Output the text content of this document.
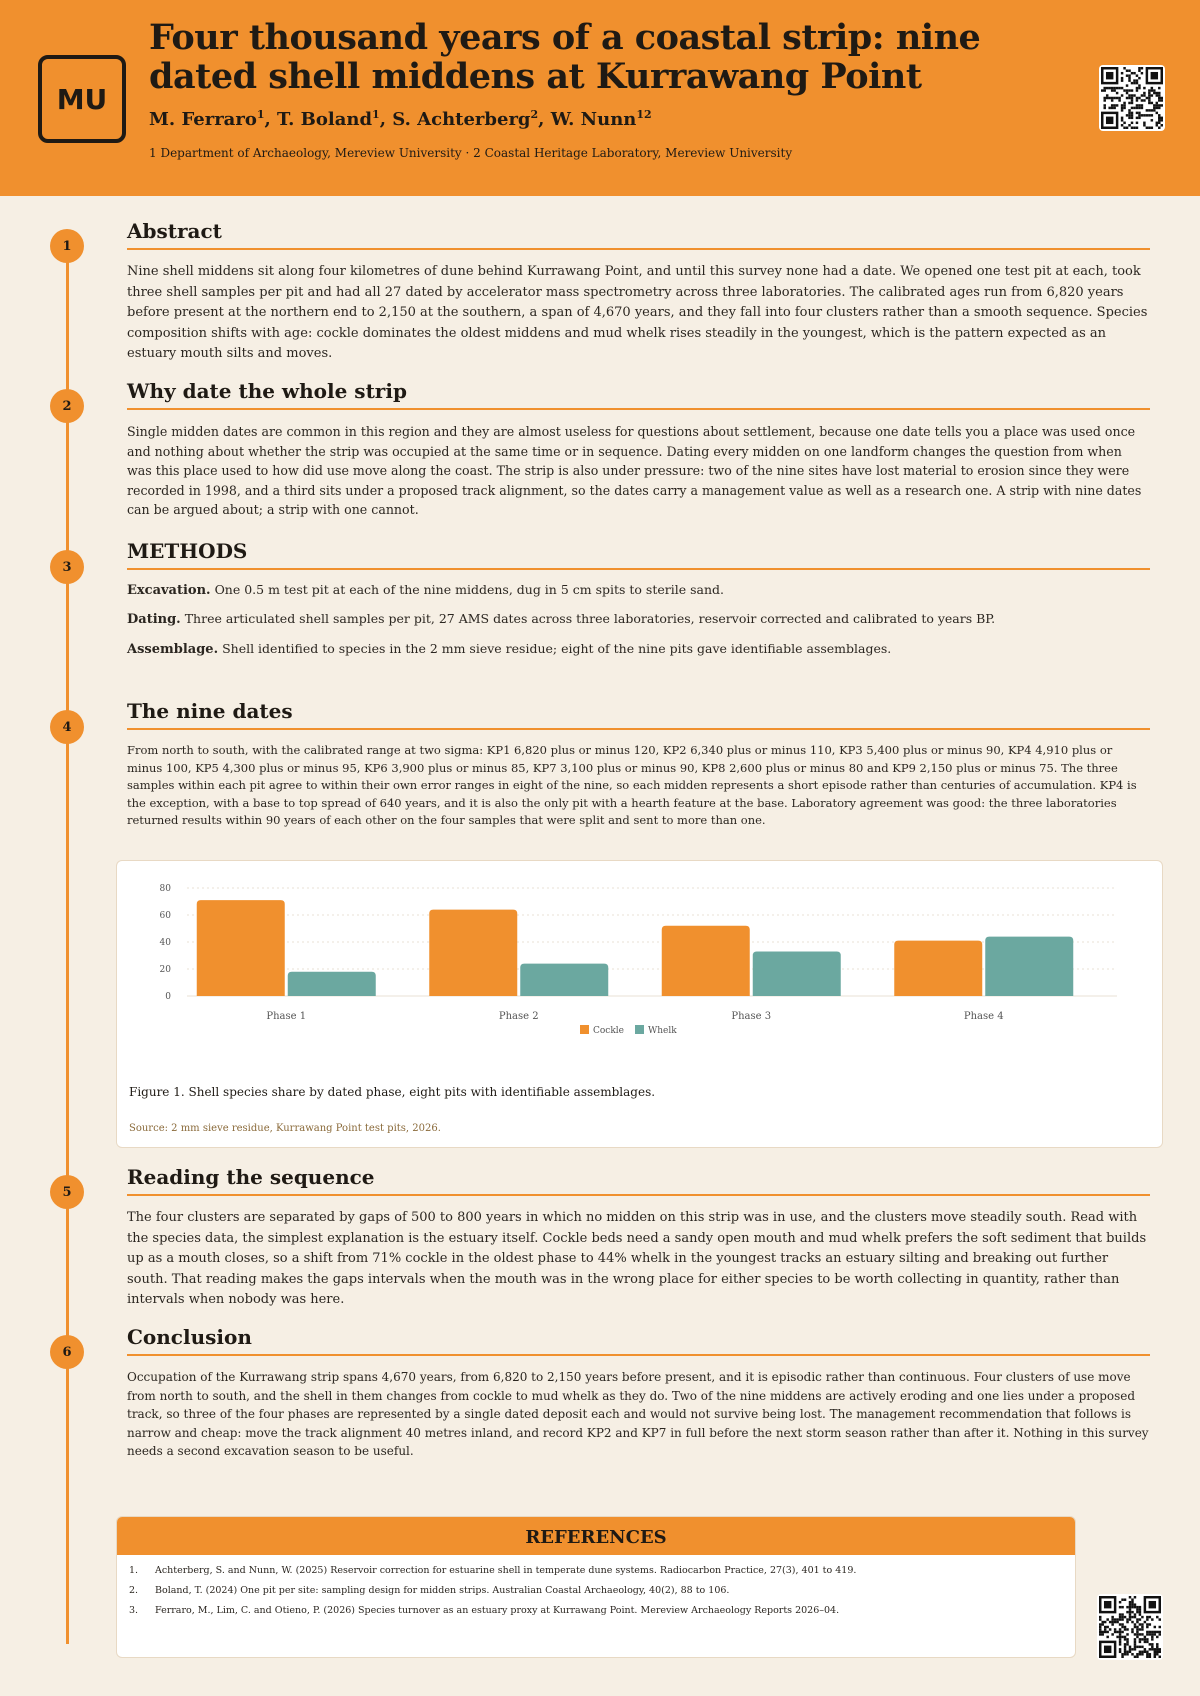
MU
Four thousand years of a coastal strip: nine dated shell middens at Kurrawang Point
M. Ferraro$^1$, T. Boland$^1$, S. Achterberg$^2$, W. Nunn$^{12}$
1 Department of Archaeology, Mereview University · 2 Coastal Heritage Laboratory, Mereview University
1
2
3
4
5
6
Abstract

Nine shell middens sit along four kilometres of dune behind Kurrawang Point, and until this survey none had a date. We opened one test pit at each, took three shell samples per pit and had all 27 dated by accelerator mass spectrometry across three laboratories. The calibrated ages run from 6,820 years before present at the northern end to 2,150 at the southern, a span of 4,670 years, and they fall into four clusters rather than a smooth sequence. Species composition shifts with age: cockle dominates the oldest middens and mud whelk rises steadily in the youngest, which is the pattern expected as an estuary mouth silts and moves.

Why date the whole strip

Single midden dates are common in this region and they are almost useless for questions about settlement, because one date tells you a place was used once and nothing about whether the strip was occupied at the same time or in sequence. Dating every midden on one landform changes the question from when was this place used to how did use move along the coast. The strip is also under pressure: two of the nine sites have lost material to erosion since they were recorded in 1998, and a third sits under a proposed track alignment, so the dates carry a management value as well as a research one. A strip with nine dates can be argued about; a strip with one cannot.

METHODS

Excavation. One 0.5 m test pit at each of the nine middens, dug in 5 cm spits to sterile sand.

Dating. Three articulated shell samples per pit, 27 AMS dates across three laboratories, reservoir corrected and calibrated to years BP.

Assemblage. Shell identified to species in the 2 mm sieve residue; eight of the nine pits gave identifiable assemblages.

The nine dates

From north to south, with the calibrated range at two sigma: KP1 6,820 plus or minus 120, KP2 6,340 plus or minus 110, KP3 5,400 plus or minus 90, KP4 4,910 plus or minus 100, KP5 4,300 plus or minus 95, KP6 3,900 plus or minus 85, KP7 3,100 plus or minus 90, KP8 2,600 plus or minus 80 and KP9 2,150 plus or minus 75. The three samples within each pit agree to within their own error ranges in eight of the nine, so each midden represents a short episode rather than centuries of accumulation. KP4 is the exception, with a base to top spread of 640 years, and it is also the only pit with a hearth feature at the base. Laboratory agreement was good: the three laboratories returned results within 90 years of each other on the four samples that were split and sent to more than one.

0
20
40
60
80
Phase 1	Phase 2	Phase 3	Phase 4
Cockle	Whelk
Figure 1. Shell species share by dated phase, eight pits with identifiable assemblages.
Source: 2 mm sieve residue, Kurrawang Point test pits, 2026.
Reading the sequence

The four clusters are separated by gaps of 500 to 800 years in which no midden on this strip was in use, and the clusters move steadily south. Read with the species data, the simplest explanation is the estuary itself. Cockle beds need a sandy open mouth and mud whelk prefers the soft sediment that builds up as a mouth closes, so a shift from 71% cockle in the oldest phase to 44% whelk in the youngest tracks an estuary silting and breaking out further south. That reading makes the gaps intervals when the mouth was in the wrong place for either species to be worth collecting in quantity, rather than intervals when nobody was here.

Conclusion

Occupation of the Kurrawang strip spans 4,670 years, from 6,820 to 2,150 years before present, and it is episodic rather than continuous. Four clusters of use move from north to south, and the shell in them changes from cockle to mud whelk as they do. Two of the nine middens are actively eroding and one lies under a proposed track, so three of the four phases are represented by a single dated deposit each and would not survive being lost. The management recommendation that follows is narrow and cheap: move the track alignment 40 metres inland, and record KP2 and KP7 in full before the next storm season rather than after it. Nothing in this survey needs a second excavation season to be useful.

REFERENCES
1.	Achterberg, S. and Nunn, W. (2025) Reservoir correction for estuarine shell in temperate dune systems. Radiocarbon Practice, 27(3), 401 to 419.
2.	Boland, T. (2024) One pit per site: sampling design for midden strips. Australian Coastal Archaeology, 40(2), 88 to 106.
3.	Ferraro, M., Lim, C. and Otieno, P. (2026) Species turnover as an estuary proxy at Kurrawang Point. Mereview Archaeology Reports 2026–04.
